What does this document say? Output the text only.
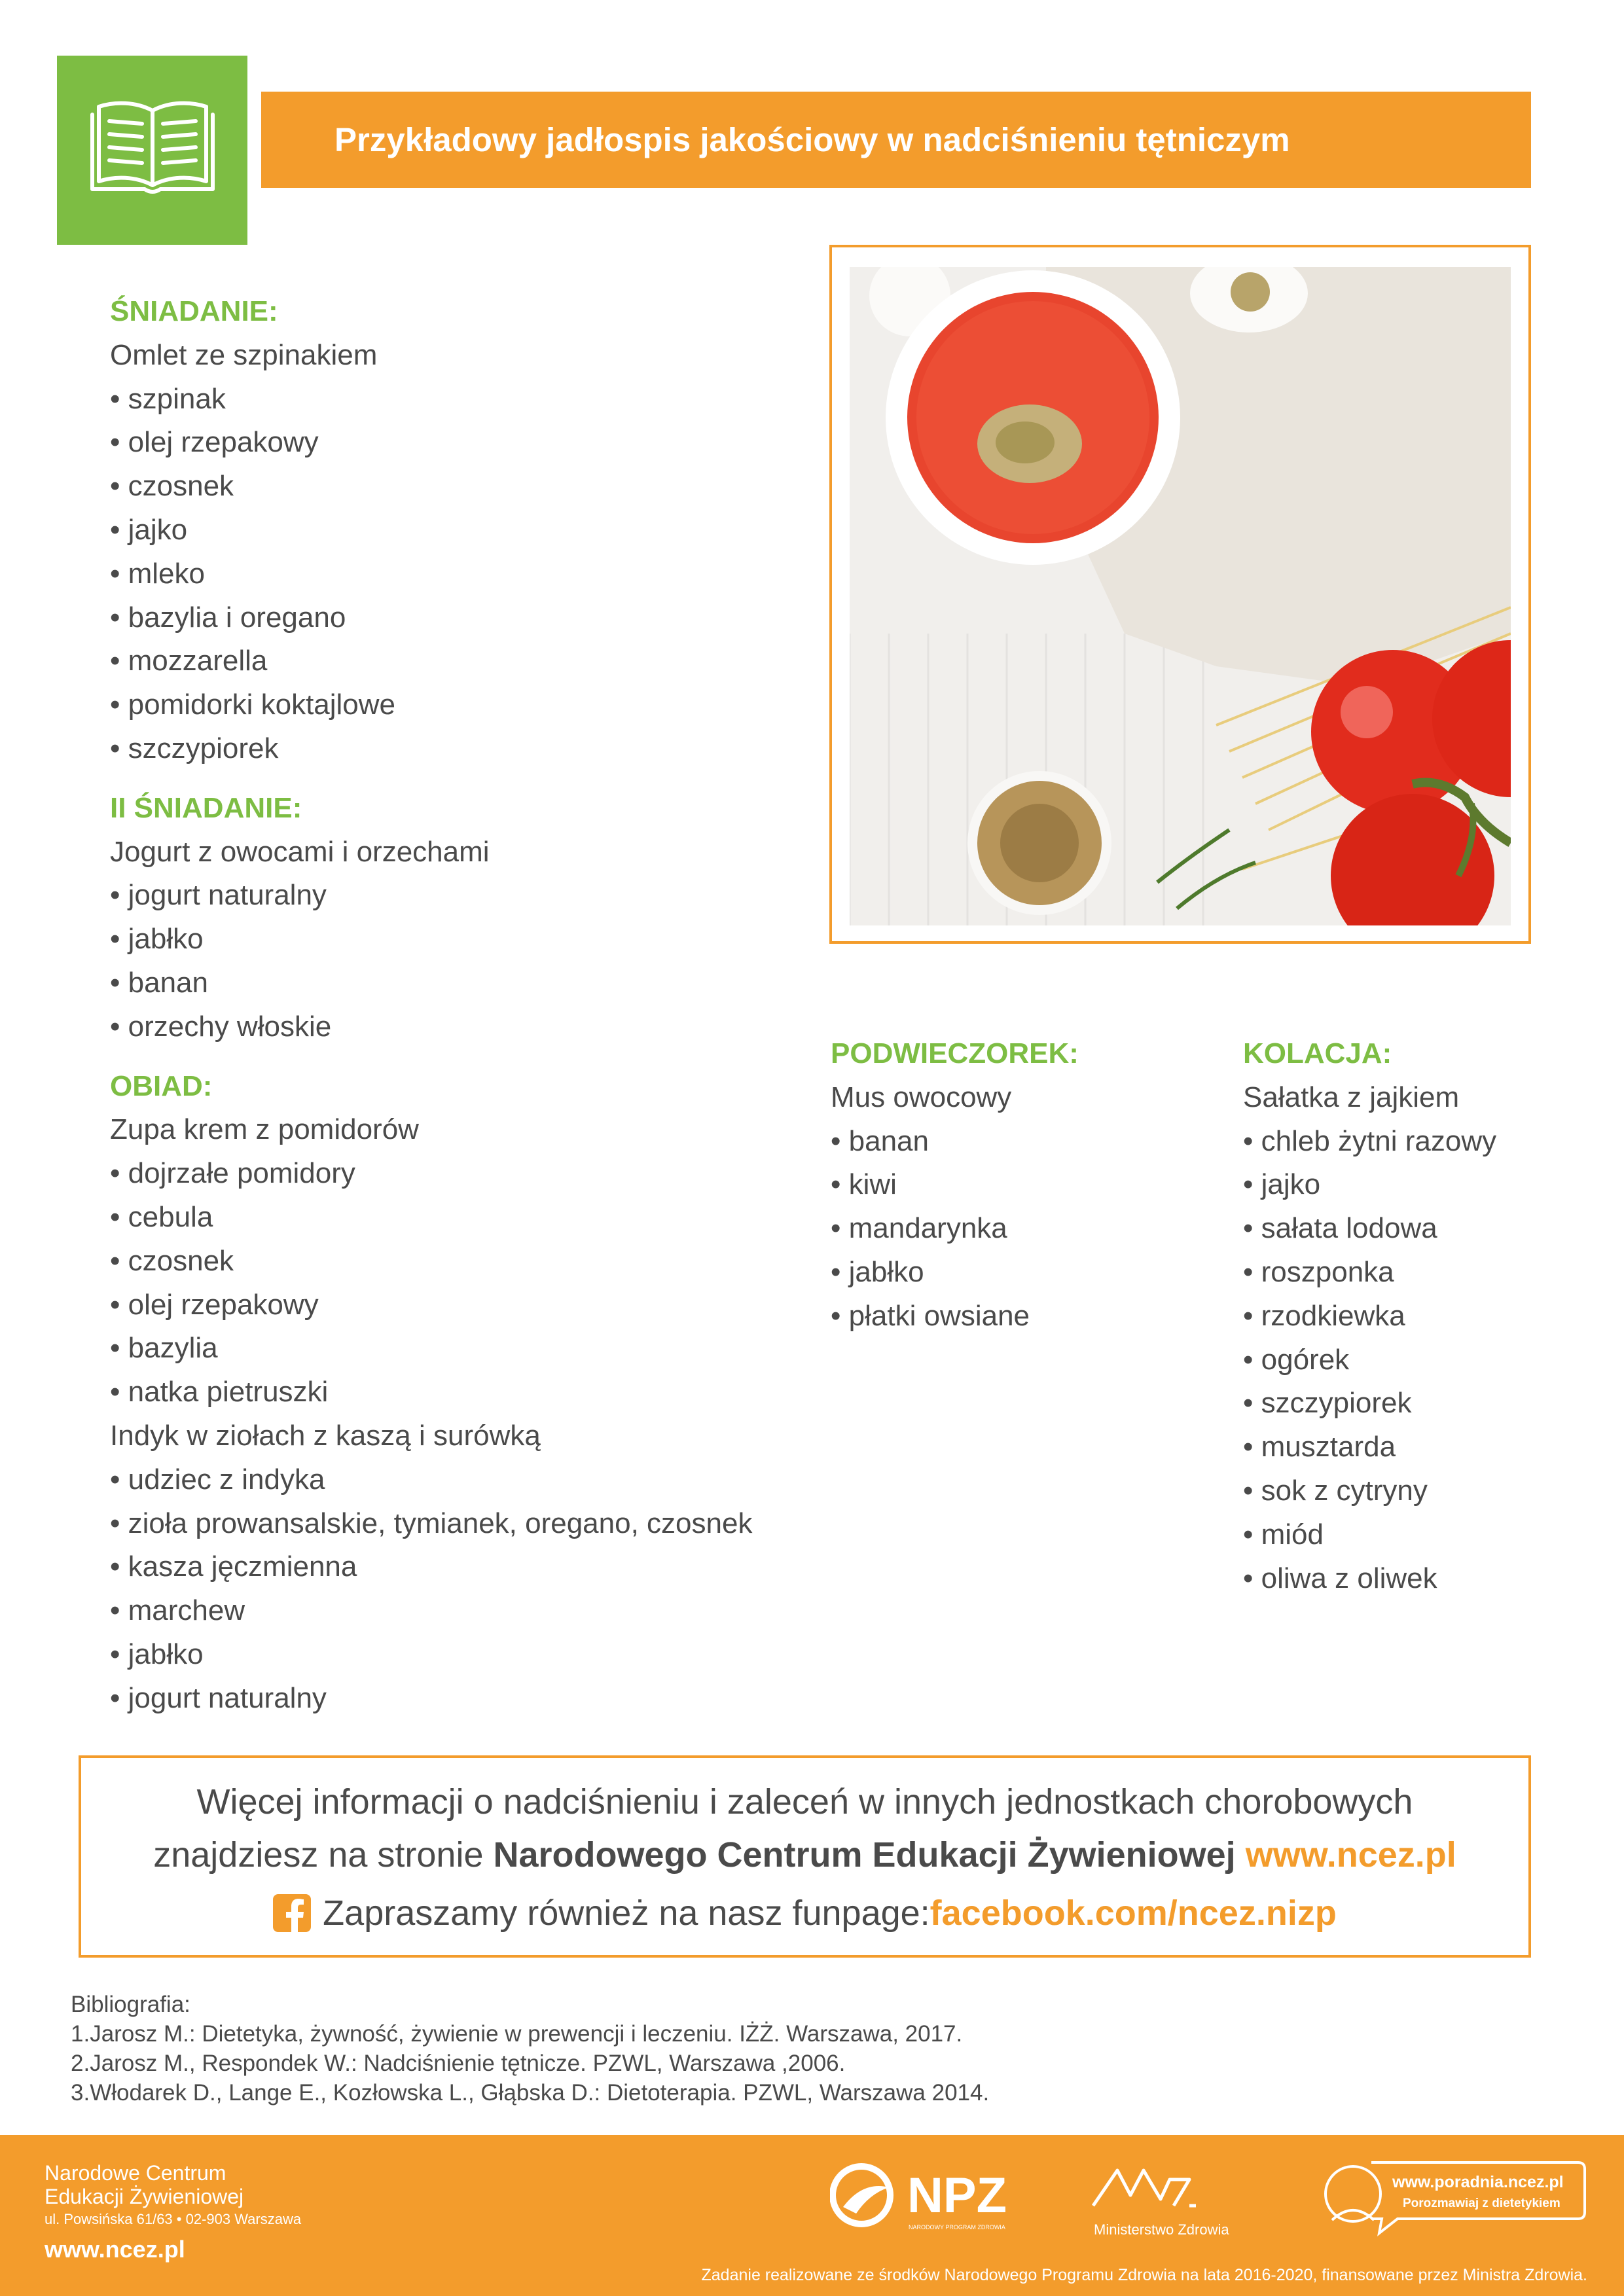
Przykładowy jadłospis jakościowy w nadciśnieniu tętniczym
ŚNIADANIE:
Omlet ze szpinakiem
• szpinak
• olej rzepakowy
• czosnek
• jajko
• mleko
• bazylia i oregano
• mozzarella
• pomidorki koktajlowe
• szczypiorek
II ŚNIADANIE:
Jogurt z owocami i orzechami
• jogurt naturalny
• jabłko
• banan
• orzechy włoskie
OBIAD:
Zupa krem z pomidorów
• dojrzałe pomidory
• cebula
• czosnek
• olej rzepakowy
• bazylia
• natka pietruszki
Indyk w ziołach z kaszą i surówką
• udziec z indyka
• zioła prowansalskie, tymianek, oregano, czosnek
• kasza jęczmienna
• marchew
• jabłko
• jogurt naturalny
PODWIECZOREK:
Mus owocowy
• banan
• kiwi
• mandarynka
• jabłko
• płatki owsiane
KOLACJA:
Sałatka z jajkiem
• chleb żytni razowy
• jajko
• sałata lodowa
• roszponka
• rzodkiewka
• ogórek
• szczypiorek
• musztarda
• sok z cytryny
• miód
• oliwa z oliwek
Więcej informacji o nadciśnieniu i zaleceń w innych jednostkach chorobowych
znajdziesz na stronie Narodowego Centrum Edukacji Żywieniowej www.ncez.pl
Zapraszamy również na nasz funpage: facebook.com/ncez.nizp
Bibliografia:
1.Jarosz M.: Dietetyka, żywność, żywienie w prewencji i leczeniu. IŻŻ. Warszawa, 2017.
2.Jarosz M., Respondek W.: Nadciśnienie tętnicze. PZWL, Warszawa ,2006.
3.Włodarek D., Lange E., Kozłowska L., Głąbska D.: Dietoterapia. PZWL, Warszawa 2014.
Narodowe Centrum
Edukacji Żywieniowej
ul. Powsińska 61/63 • 02-903 Warszawa
www.ncez.pl
NPZ
NARODOWY PROGRAM ZDROWIA	Ministerstwo Zdrowia
www.poradnia.ncez.pl
Porozmawiaj z dietetykiem
Zadanie realizowane ze środków Narodowego Programu Zdrowia na lata 2016-2020, finansowane przez Ministra Zdrowia.
